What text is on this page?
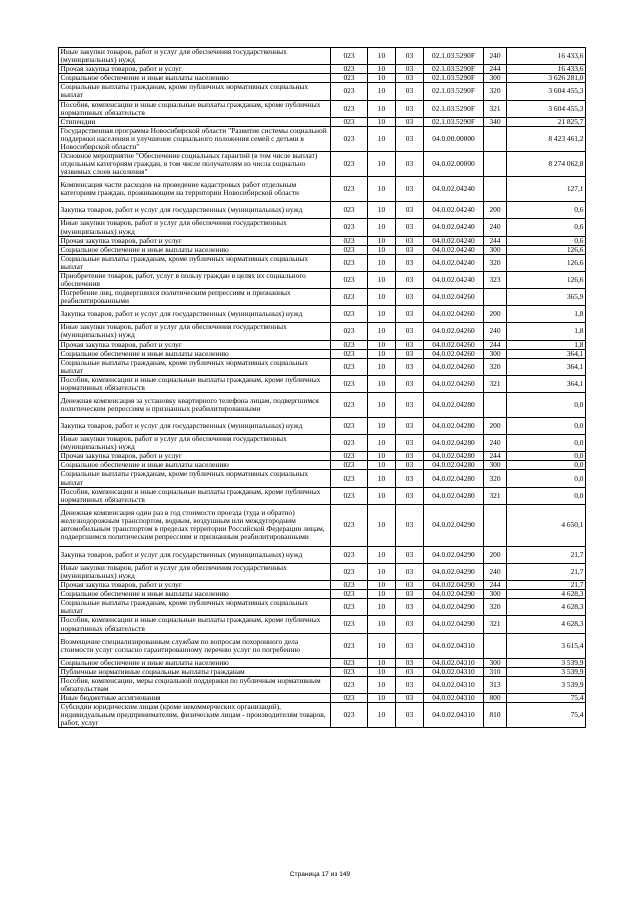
Иные закупки товаров, работ и услуг для обеспечения государственных (муниципальных) нужд	023	10	03	02.1.03.5290F	240	16 433,6
Прочая закупка товаров, работ и услуг	023	10	03	02.1.03.5290F	244	16 433,6
Социальное обеспечение и иные выплаты населению	023	10	03	02.1.03.5290F	300	3 626 281,0
Социальные выплаты гражданам, кроме публичных нормативных социальных выплат	023	10	03	02.1.03.5290F	320	3 604 455,3
Пособия, компенсации и иные социальные выплаты гражданам, кроме публичных нормативных обязательств	023	10	03	02.1.03.5290F	321	3 604 455,3
Стипендии	023	10	03	02.1.03.5290F	340	21 825,7
Государственная программа Новосибирской области "Развитие системы социальной поддержки населения и улучшение социального положения семей с детьми в Новосибирской области"	023	10	03	04.0.00.00000		8 423 461,2
Основное мероприятие "Обеспечение социальных гарантий (в том числе выплат) отдельным категориям граждан, в том числе получателям из числа социально уязвимых слоев населения"	023	10	03	04.0.02.00000		8 274 062,8
Компенсация части расходов на проведение кадастровых работ отдельным категориям граждан, проживающим на территории Новосибирской области	023	10	03	04.0.02.04240		127,1
Закупка товаров, работ и услуг для государственных (муниципальных) нужд	023	10	03	04.0.02.04240	200	0,6
Иные закупки товаров, работ и услуг для обеспечения государственных (муниципальных) нужд	023	10	03	04.0.02.04240	240	0,6
Прочая закупка товаров, работ и услуг	023	10	03	04.0.02.04240	244	0,6
Социальное обеспечение и иные выплаты населению	023	10	03	04.0.02.04240	300	126,6
Социальные выплаты гражданам, кроме публичных нормативных социальных выплат	023	10	03	04.0.02.04240	320	126,6
Приобретение товаров, работ, услуг в пользу граждан в целях их социального обеспечения	023	10	03	04.0.02.04240	323	126,6
Погребение лиц, подвергшихся политическим репрессиям и признанных реабилитированными	023	10	03	04.0.02.04260		365,9
Закупка товаров, работ и услуг для государственных (муниципальных) нужд	023	10	03	04.0.02.04260	200	1,8
Иные закупки товаров, работ и услуг для обеспечения государственных (муниципальных) нужд	023	10	03	04.0.02.04260	240	1,8
Прочая закупка товаров, работ и услуг	023	10	03	04.0.02.04260	244	1,8
Социальное обеспечение и иные выплаты населению	023	10	03	04.0.02.04260	300	364,1
Социальные выплаты гражданам, кроме публичных нормативных социальных выплат	023	10	03	04.0.02.04260	320	364,1
Пособия, компенсации и иные социальные выплаты гражданам, кроме публичных нормативных обязательств	023	10	03	04.0.02.04260	321	364,1
Денежная компенсация за установку квартирного телефона лицам, подвергшимся политическим репрессиям и признанных реабилитированными	023	10	03	04.0.02.04280		0,0
Закупка товаров, работ и услуг для государственных (муниципальных) нужд	023	10	03	04.0.02.04280	200	0,0
Иные закупки товаров, работ и услуг для обеспечения государственных (муниципальных) нужд	023	10	03	04.0.02.04280	240	0,0
Прочая закупка товаров, работ и услуг	023	10	03	04.0.02.04280	244	0,0
Социальное обеспечение и иные выплаты населению	023	10	03	04.0.02.04280	300	0,0
Социальные выплаты гражданам, кроме публичных нормативных социальных выплат	023	10	03	04.0.02.04280	320	0,0
Пособия, компенсации и иные социальные выплаты гражданам, кроме публичных нормативных обязательств	023	10	03	04.0.02.04280	321	0,0
Денежная компенсация один раз в год стоимости проезда (туда и обратно) железнодорожным транспортом, водным, воздушным или междугородним автомобильным транспортом в пределах территории Российской Федерации лицам, подвергшимся политическим репрессиям и признанным реабилитированными	023	10	03	04.0.02.04290		4 650,1
Закупка товаров, работ и услуг для государственных (муниципальных) нужд	023	10	03	04.0.02.04290	200	21,7
Иные закупки товаров, работ и услуг для обеспечения государственных (муниципальных) нужд	023	10	03	04.0.02.04290	240	21,7
Прочая закупка товаров, работ и услуг	023	10	03	04.0.02.04290	244	21,7
Социальное обеспечение и иные выплаты населению	023	10	03	04.0.02.04290	300	4 628,3
Социальные выплаты гражданам, кроме публичных нормативных социальных выплат	023	10	03	04.0.02.04290	320	4 628,3
Пособия, компенсации и иные социальные выплаты гражданам, кроме публичных нормативных обязательств	023	10	03	04.0.02.04290	321	4 628,3
Возмещение специализированным службам по вопросам похоронного дела стоимости услуг согласно гарантированному перечню услуг по погребению	023	10	03	04.0.02.04310		3 615,4
Социальное обеспечение и иные выплаты населению	023	10	03	04.0.02.04310	300	3 539,9
Публичные нормативные социальные выплаты гражданам	023	10	03	04.0.02.04310	310	3 539,9
Пособия, компенсации, меры социальной поддержки по публичным нормативным обязательствам	023	10	03	04.0.02.04310	313	3 539,9
Иные бюджетные ассигнования	023	10	03	04.0.02.04310	800	75,4
Субсидии юридическим лицам (кроме некоммерческих организаций), индивидуальным предпринимателям, физическим лицам - производителям товаров, работ, услуг	023	10	03	04.0.02.04310	810	75,4
Страница 17 из 149
